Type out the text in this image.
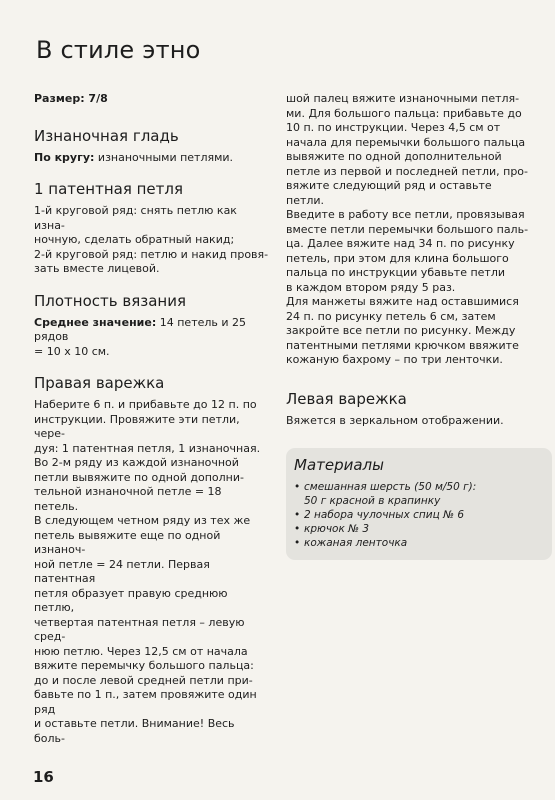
В стиле этно

Размер: 7/8

Изнаночная гладь

По кругу: изнаночными петлями.

1 патентная петля

1-й круговой ряд: снять петлю как изна-

ночную, сделать обратный накид;

2-й круговой ряд: петлю и накид провя-

зать вместе лицевой.

Плотность вязания

Среднее значение: 14 петель и 25 рядов

= 10 х 10 см.

Правая варежка

Наберите 6 п. и прибавьте до 12 п. по

инструкции. Провяжите эти петли, чере-

дуя: 1 патентная петля, 1 изнаночная.

Во 2-м ряду из каждой изнаночной

петли вывяжите по одной дополни-

тельной изнаночной петле = 18 петель.

В следующем четном ряду из тех же

петель вывяжите еще по одной изнаноч-

ной петле = 24 петли. Первая патентная

петля образует правую среднюю петлю,

четвертая патентная петля – левую сред-

нюю петлю. Через 12,5 см от начала

вяжите перемычку большого пальца:

до и после левой средней петли при-

бавьте по 1 п., затем провяжите один ряд

и оставьте петли. Внимание! Весь боль-

шой палец вяжите изнаночными петля-

ми. Для большого пальца: прибавьте до

10 п. по инструкции. Через 4,5 см от

начала для перемычки большого пальца

вывяжите по одной дополнительной

петле из первой и последней петли, про-

вяжите следующий ряд и оставьте петли.

Введите в работу все петли, провязывая

вместе петли перемычки большого паль-

ца. Далее вяжите над 34 п. по рисунку

петель, при этом для клина большого

пальца по инструкции убавьте петли

в каждом втором ряду 5 раз.

Для манжеты вяжите над оставшимися

24 п. по рисунку петель 6 см, затем

закройте все петли по рисунку. Между

патентными петлями крючком ввяжите

кожаную бахрому – по три ленточки.

Левая варежка

Вяжется в зеркальном отображении.

Материалы
• смешанная шерсть (50 м/50 г):
50 г красной в крапинку
• 2 набора чулочных спиц № 6
• крючок № 3
• кожаная ленточка
16
